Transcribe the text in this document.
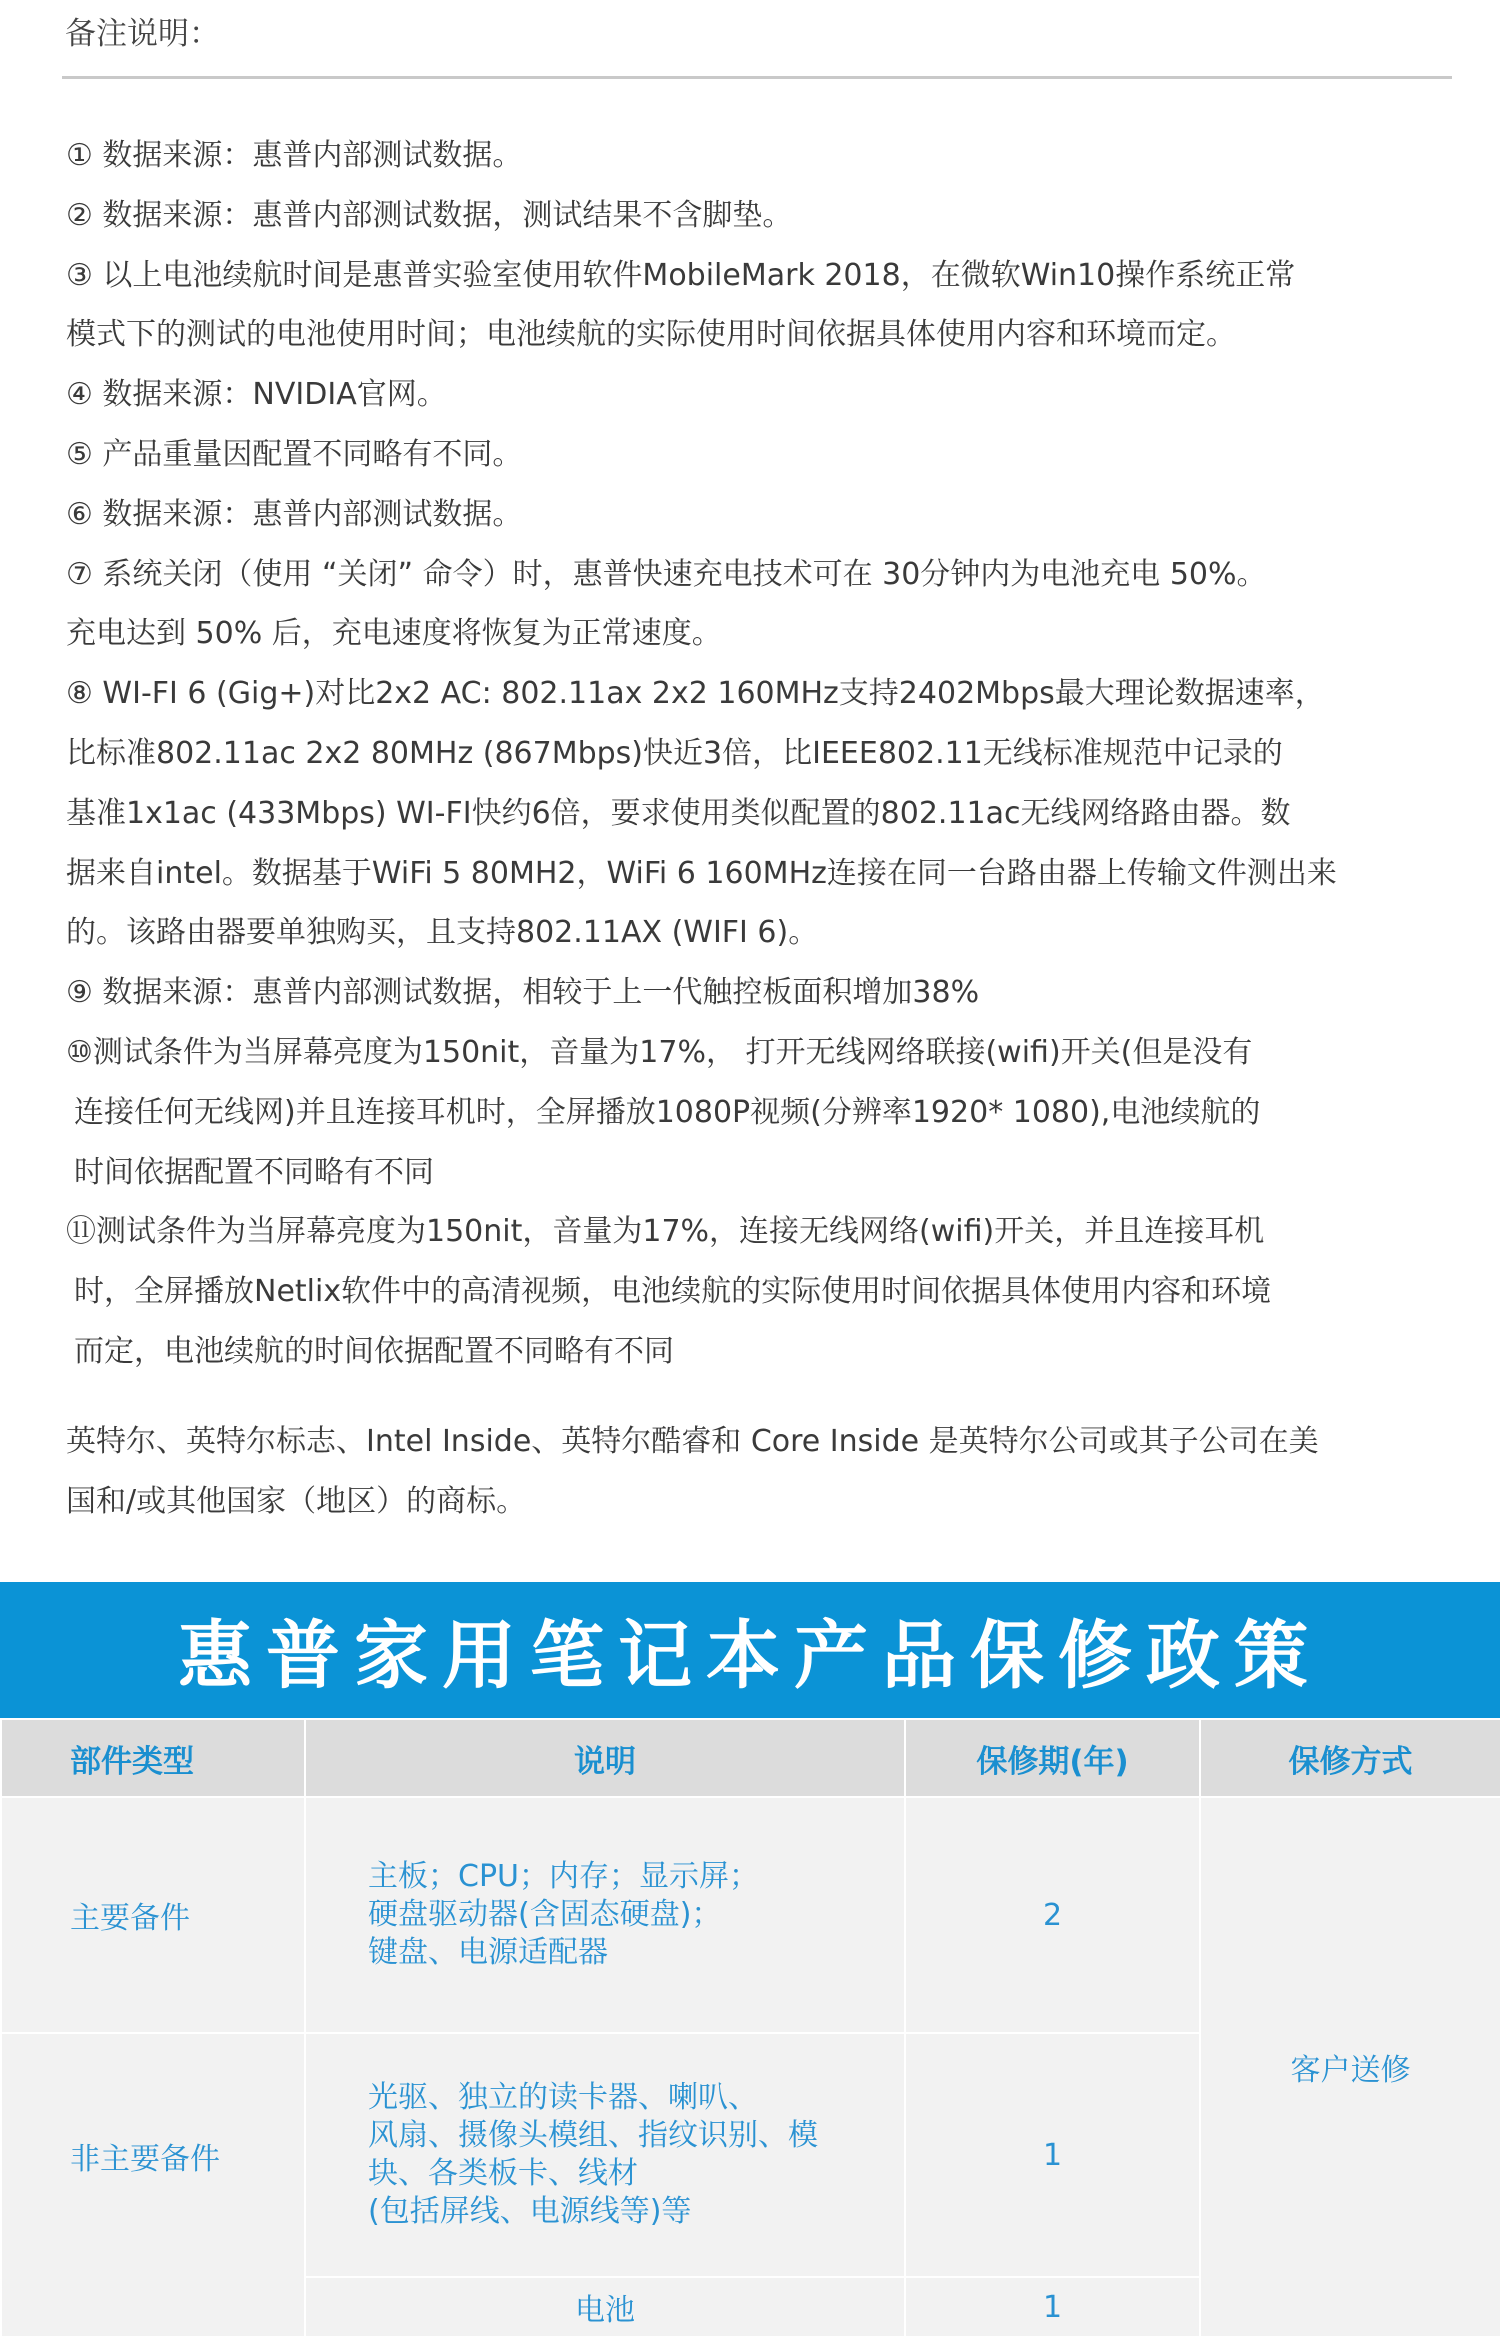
备注说明：
① 数据来源：惠普内部测试数据。
② 数据来源：惠普内部测试数据，测试结果不含脚垫。
③ 以上电池续航时间是惠普实验室使用软件MobileMark 2018，在微软Win10操作系统正常
模式下的测试的电池使用时间；电池续航的实际使用时间依据具体使用内容和环境而定。
④ 数据来源：NVIDIA官网。
⑤ 产品重量因配置不同略有不同。
⑥ 数据来源：惠普内部测试数据。
⑦ 系统关闭（使用 “关闭” 命令）时，惠普快速充电技术可在 30分钟内为电池充电 50%。
充电达到 50% 后，充电速度将恢复为正常速度。
⑧ WI-FI 6 (Gig+)对比2x2 AC: 802.11ax 2x2 160MHz支持2402Mbps最大理论数据速率，
比标准802.11ac 2x2 80MHz (867Mbps)快近3倍，比IEEE802.11无线标准规范中记录的
基准1x1ac (433Mbps) WI-FI快约6倍，要求使用类似配置的802.11ac无线网络路由器。数
据来自intel。数据基于WiFi 5 80MH2，WiFi 6 160MHz连接在同一台路由器上传输文件测出来
的。该路由器要单独购买，且支持802.11AX (WIFI 6)。
⑨ 数据来源：惠普内部测试数据，相较于上一代触控板面积增加38%
⑩测试条件为当屏幕亮度为150nit，音量为17%， 打开无线网络联接(wifi)开关(但是没有
连接任何无线网)并且连接耳机时，全屏播放1080P视频(分辨率1920* 1080),电池续航的
时间依据配置不同略有不同
⑪测试条件为当屏幕亮度为150nit，音量为17%，连接无线网络(wifi)开关，并且连接耳机
时，全屏播放Netlix软件中的高清视频，电池续航的实际使用时间依据具体使用内容和环境
而定，电池续航的时间依据配置不同略有不同
英特尔、英特尔标志、Intel Inside、英特尔酷睿和 Core Inside 是英特尔公司或其子公司在美
国和/或其他国家（地区）的商标。
惠普家用笔记本产品保修政策
部件类型	说明	保修期(年)	保修方式
主要备件	主板；CPU；内存；显示屏；
硬盘驱动器(含固态硬盘)；
键盘、电源适配器	2	客户送修
非主要备件	光驱、独立的读卡器、喇叭、
风扇、摄像头模组、指纹识别、模
块、各类板卡、线材
(包括屏线、电源线等)等	1	
	电池	1	
